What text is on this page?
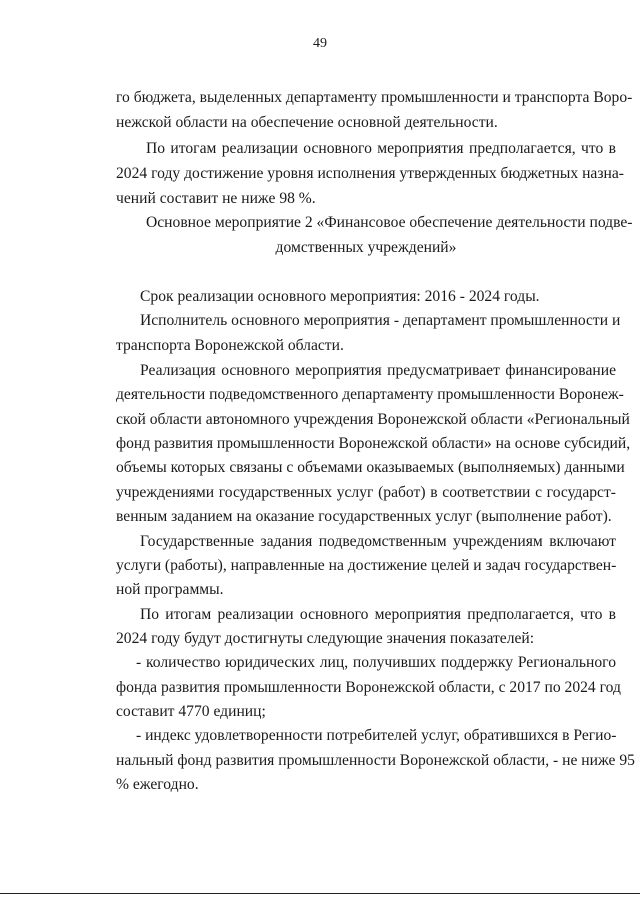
49
го бюджета, выделенных департаменту промышленности и транспорта Воро-
нежской области на обеспечение основной деятельности.
По итогам реализации основного мероприятия предполагается, что в
2024 году достижение уровня исполнения утвержденных бюджетных назна-
чений составит не ниже 98 %.
Основное мероприятие 2 «Финансовое обеспечение деятельности подве-
домственных учреждений»
Срок реализации основного мероприятия: 2016 - 2024 годы.
Исполнитель основного мероприятия - департамент промышленности и
транспорта Воронежской области.
Реализация основного мероприятия предусматривает финансирование
деятельности подведомственного департаменту промышленности Воронеж-
ской области автономного учреждения Воронежской области «Региональный
фонд развития промышленности Воронежской области» на основе субсидий,
объемы которых связаны с объемами оказываемых (выполняемых) данными
учреждениями государственных услуг (работ) в соответствии с государст-
венным заданием на оказание государственных услуг (выполнение работ).
Государственные задания подведомственным учреждениям включают
услуги (работы), направленные на достижение целей и задач государствен-
ной программы.
По итогам реализации основного мероприятия предполагается, что в
2024 году будут достигнуты следующие значения показателей:
- количество юридических лиц, получивших поддержку Регионального
фонда развития промышленности Воронежской области, с 2017 по 2024 год
составит 4770 единиц;
- индекс удовлетворенности потребителей услуг, обратившихся в Регио-
нальный фонд развития промышленности Воронежской области, - не ниже 95
% ежегодно.
